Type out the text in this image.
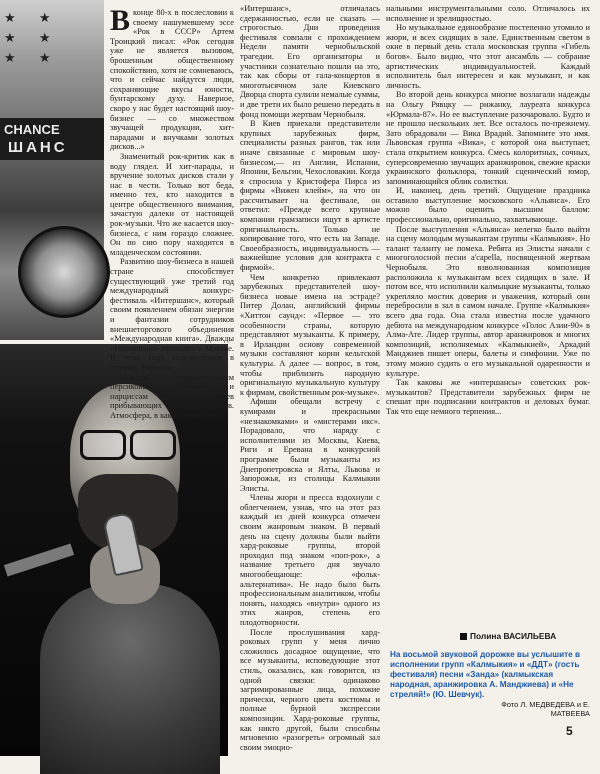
★ ★
★ ★
★ ★
CHANCE
ШАНС

Вконце 80-х в послесловии к своему нашумевшему эссе «Рок в СССР» Артем Троицкий писал: «Рок сегодня уже не является вызовом, брошенным общественному спокойствию, хотя не сомневаюсь, что и сейчас найдутся люди, сохраняющие вкусы юности, бунтарскому духу. Наверное, скоро у нас будет настоящий шоу-бизнес — со множеством звучащей продукции, хит-парадами и внучками золотых дисков...»

Знаменитый рок-критик как в воду глядел. И хит-парады, и вручение золотых дисков стали у нас в чести. Только вот беда, именно тех, кто находится в центре общественного внимания, зачастую далеки от настоящей рок-музыки. Что же касается шоу-бизнеса, с ним гораздо сложнее. Он по сию пору находится в младенческом состоянии.

Развитию шоу-бизнеса в нашей стране способствует существующий уже третий год международный конкурс-фестиваль «Интершанс», который своим появлением обязан энергии и фантазии сотрудников внешнеторгового объединения «Международная книга». Дважды «Интершанс» проходил в Москве. В этом году переместился в столицу Украины.

Нежели туристическим персиковым деревьям и нарциссам встретил Киев прибывающих музыкантов. Атмосфера, в какой проводился

«Интершанс», отличалась сдержанностью, если не сказать — строгостью. Дни проведения фестиваля совпали с прохождением Недели памяти чернобыльской трагедии. Его организаторы и участники сознательно пошли на это, так как сборы от гала-концертов в многотысячном зале Киевского Дворца спорта сулили немалые суммы, и две трети их было решено передать в фонд помощи жертвам Чернобыля.

В Киев приехали представители крупных зарубежных фирм, специалисты разных рангов, так или иначе связанные с мировым шоу-бизнесом,— из Англии, Испании, Японии, Бельгии, Чехословакии. Когда я спросила у Кристофера Пирса из фирмы «Вижен клейм», на что он рассчитывает на фестивале, он ответил: «Прежде всего крупные компании грамзаписи ищут в артисте оригинальность. Только не копирование того, что есть на Западе. Своеобразность, индивидуальность — важнейшие условия для контракта с фирмой».

Чем конкретно привлекают зарубежных представителей шоу-бизнеса новые имена на эстраде? Питер Долан, английский фирмы «Хиттон саунд»: «Первое — это особенности страны, которую представляют музыканты. К примеру, в Ирландии основу современной музыки составляют корни кельтской культуры. А далее — вопрос, в том, чтобы приблизить народную оригинальную музыкальную культуру к фирмам, свойственным рок-музыке».

Афиши обещали встречу с кумирами и прекрасными «незнакомками» и «мистерами икс». Порадовало, что наряду с исполнителями из Москвы, Киева, Риги и Еревана в конкурсной программе были музыканты из Днепропетровска и Ялты, Львова и Запорожья, из столицы Калмыкии Элисты.

Члены жюри и пресса вздохнули с облегчением, узнав, что на этот раз каждый из дней конкурса отмечен своим жанровым знаком. В первый день на сцену должны были выйти хард-роковые группы, второй проходил под знаком «поп-рок», а название третьего дня звучало многообещающе: «фольк-альтернатива». Не надо было быть профессиональным аналитиком, чтобы понять, находясь «внутри» одного из этих жанров, степень его плодотворности.

После прослушивания хард-роковых групп у меня лично сложилось досадное ощущение, что все музыканты, исповедующие этот стиль, оказались, как говорится, из одной связки: одинаково загримированные лица, похожие прически, черного цвета костюмы и полные бурной экспрессии композиции. Хард-роковые группы, как никто другой, были способны мгновенно «разогреть» огромный зал своим эмоцио-

нальными инструментальными соло. Отличалось их исполнение и зрелищностью.

Но музыкальное единообразие постепенно утомило и жюри, и всех сидящих в зале. Единственным светом в окне в первый день стала московская группа «Гибель богов». Было видно, что этот ансамбль — собрание артистических индивидуальностей. Каждый исполнитель был интересен и как музыкант, и как личность.

Во второй день конкурса многие возлагали надежды на Ольгу Рявцку — рижанку, лауреата конкурса «Юрмала-87». Но ее выступление разочаровало. Будто и не прошло нескольких лет. Все осталось по-прежнему. Зато обрадовали — Вика Врадий. Запомните это имя. Львовская группа «Вика», с которой она выступает, стала открытием конкурса. Смесь колоритных, сочных, суперсовременно звучащих аранжировок, свежие краски украинского фольклора, тонкий сценический юмор, запоминающийся облик солистки.

И, наконец, день третий. Ощущение праздника оставило выступление московского «Альянса». Его можно было оценить высшим баллом: профессионально, оригинально, захватывающе.

После выступления «Альянса» нелегко было выйти на сцену молодым музыкантам группы «Калмыкия». Но талант таланту не помеха. Ребята из Элисты начали с многоголосной песни a'capella, посвященной жертвам Чернобыля. Это взволнованная композиция расположила к музыкантам всех сидящих в зале. И потом все, что исполнили калмыцкие музыканты, только укрепляло мостик доверия и уважения, который они перебросили в зал в самом начале. Группе «Калмыкия» всего два года. Она стала известна после удачного дебюта на международном конкурсе «Голос Азии-90» в Алма-Ате. Лидер группы, автор аранжировок и многих композиций, исполняемых «Калмыкией», Аркадий Манджиев пишет оперы, балеты и симфонии. Уже по этому можно судить о его музыкальной одаренности и культуре.

Так каковы же «интершансы» советских рок-музыкантов? Представители зарубежных фирм не спешат при подписании контрактов и деловых бумаг. Так что еще немного терпения...

Полина ВАСИЛЬЕВА
На восьмой звуковой дорожке вы услышите в исполнении групп «Калмыкия» и «ДДТ» (гость фестиваля) песни «Занда» (калмыкская народная, аранжировка А. Манджиева) и «Не стреляй!» (Ю. Шевчук).
Фото Л. МЕДВЕДЕВА и Е. МАТВЕЕВА
5
